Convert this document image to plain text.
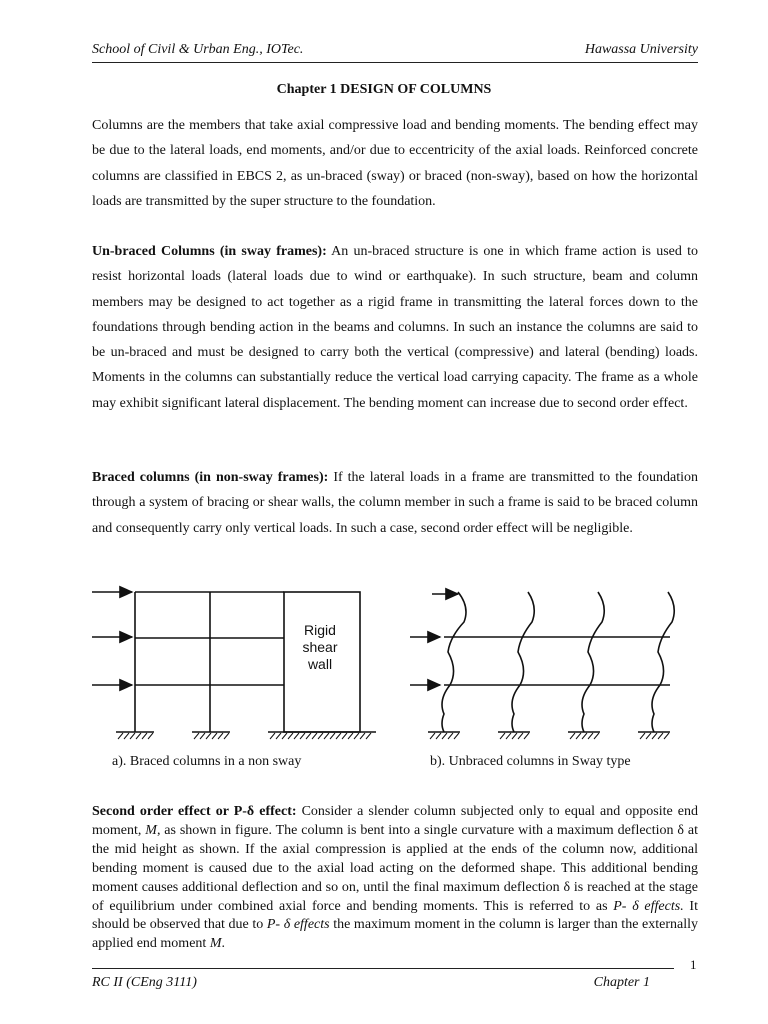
School of Civil & Urban Eng., IOTec.	Hawassa University
Chapter 1 DESIGN OF COLUMNS

Columns are the members that take axial compressive load and bending moments. The bending effect may be due to the lateral loads, end moments, and/or due to eccentricity of the axial loads. Reinforced concrete columns are classified in EBCS 2, as un-braced (sway) or braced (non-sway), based on how the horizontal loads are transmitted by the super structure to the foundation.

Un-braced Columns (in sway frames): An un-braced structure is one in which frame action is used to resist horizontal loads (lateral loads due to wind or earthquake). In such structure, beam and column members may be designed to act together as a rigid frame in transmitting the lateral forces down to the foundations through bending action in the beams and columns. In such an instance the columns are said to be un-braced and must be designed to carry both the vertical (compressive) and lateral (bending) loads. Moments in the columns can substantially reduce the vertical load carrying capacity. The frame as a whole may exhibit significant lateral displacement. The bending moment can increase due to second order effect.

Braced columns (in non-sway frames): If the lateral loads in a frame are transmitted to the foundation through a system of bracing or shear walls, the column member in such a frame is said to be braced column and consequently carry only vertical loads. In such a case, second order effect will be negligible.

Rigid
shear
wall
a). Braced columns in a non sway	b). Unbraced columns in Sway type

Second order effect or P-δ effect: Consider a slender column subjected only to equal and opposite end moment, M, as shown in figure. The column is bent into a single curvature with a maximum deflection δ at the mid height as shown. If the axial compression is applied at the ends of the column now, additional bending moment is caused due to the axial load acting on the deformed shape. This additional bending moment causes additional deflection and so on, until the final maximum deflection δ is reached at the stage of equilibrium under combined axial force and bending moments. This is referred to as P- δ effects. It should be observed that due to P- δ effects the maximum moment in the column is larger than the externally applied end moment M.

1
RC II (CEng 3111)	Chapter 1
